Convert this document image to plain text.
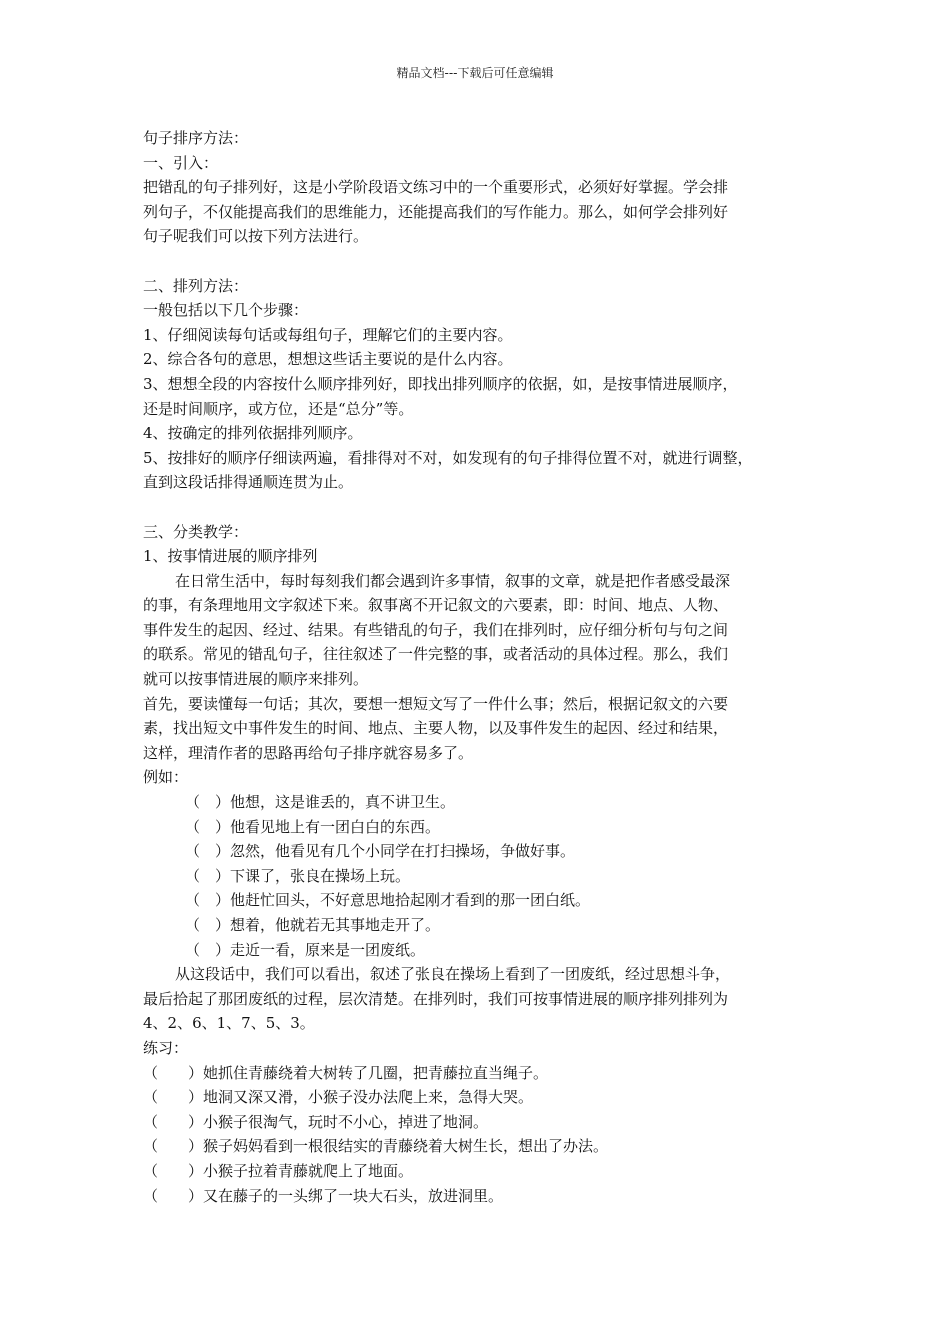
精品文档---下载后可任意编辑
句子排序方法：
一、引入：
把错乱的句子排列好，这是小学阶段语文练习中的一个重要形式，必须好好掌握。学会排
列句子，不仅能提高我们的思维能力，还能提高我们的写作能力。那么，如何学会排列好
句子呢我们可以按下列方法进行。
二、排列方法：
一般包括以下几个步骤：
1、仔细阅读每句话或每组句子，理解它们的主要内容。
2、综合各句的意思，想想这些话主要说的是什么内容。
3、想想全段的内容按什么顺序排列好，即找出排列顺序的依据，如，是按事情进展顺序，
还是时间顺序，或方位，还是“总分”等。
4、按确定的排列依据排列顺序。
5、按排好的顺序仔细读两遍，看排得对不对，如发现有的句子排得位置不对，就进行调整，
直到这段话排得通顺连贯为止。
三、分类教学：
1、按事情进展的顺序排列
在日常生活中，每时每刻我们都会遇到许多事情，叙事的文章，就是把作者感受最深
的事，有条理地用文字叙述下来。叙事离不开记叙文的六要素，即：时间、地点、人物、
事件发生的起因、经过、结果。有些错乱的句子，我们在排列时，应仔细分析句与句之间
的联系。常见的错乱句子，往往叙述了一件完整的事，或者活动的具体过程。那么，我们
就可以按事情进展的顺序来排列。
首先，要读懂每一句话；其次，要想一想短文写了一件什么事；然后，根据记叙文的六要
素，找出短文中事件发生的时间、地点、主要人物，以及事件发生的起因、经过和结果，
这样，理清作者的思路再给句子排序就容易多了。
例如：
（　）他想，这是谁丢的，真不讲卫生。
（　）他看见地上有一团白白的东西。
（　）忽然，他看见有几个小同学在打扫操场，争做好事。
（　）下课了，张良在操场上玩。
（　）他赶忙回头，不好意思地拾起刚才看到的那一团白纸。
（　）想着，他就若无其事地走开了。
（　）走近一看，原来是一团废纸。
从这段话中，我们可以看出，叙述了张良在操场上看到了一团废纸，经过思想斗争，
最后拾起了那团废纸的过程，层次清楚。在排列时，我们可按事情进展的顺序排列排列为
4、2、6、1、7、5、3。
练习：
（　　）她抓住青藤绕着大树转了几圈，把青藤拉直当绳子。
（　　）地洞又深又滑，小猴子没办法爬上来，急得大哭。
（　　）小猴子很淘气，玩时不小心，掉进了地洞。
（　　）猴子妈妈看到一根很结实的青藤绕着大树生长，想出了办法。
（　　）小猴子拉着青藤就爬上了地面。
（　　）又在藤子的一头绑了一块大石头，放进洞里。
